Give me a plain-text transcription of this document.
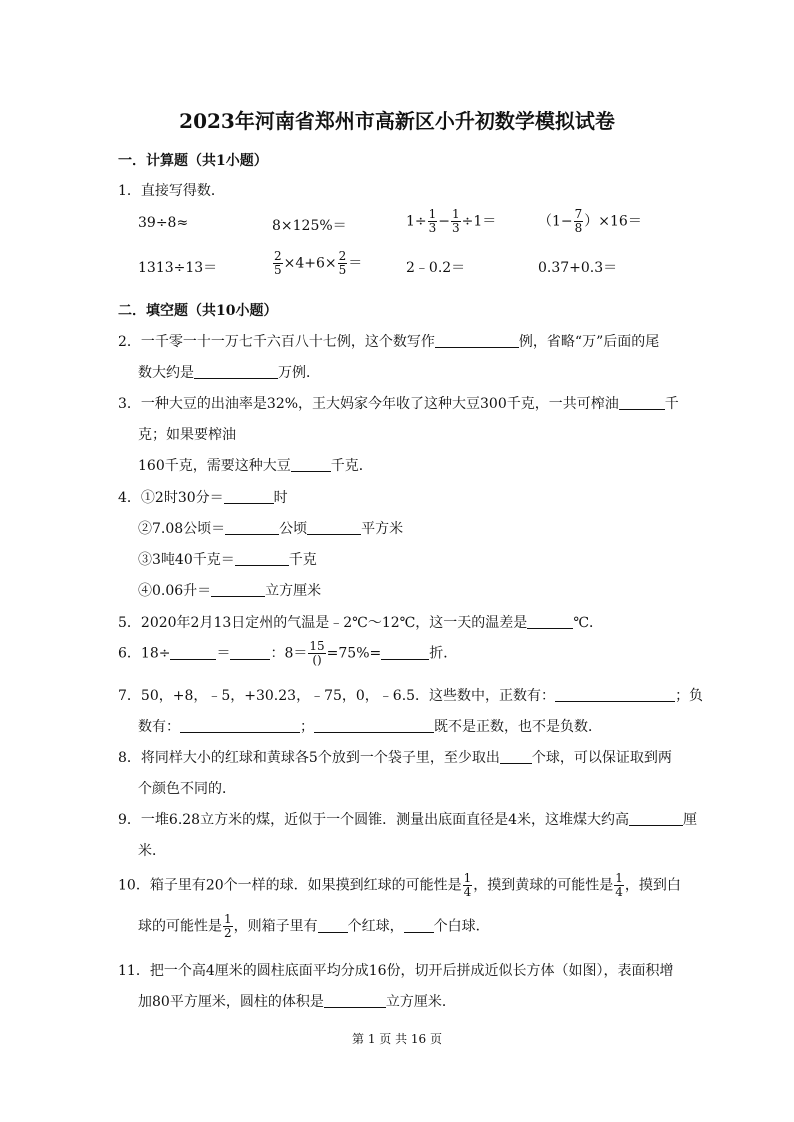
2023年河南省郑州市高新区小升初数学模拟试卷
一．计算题（共1小题）
1．直接写得数．
39÷8≈	8×125%＝	$1\div \frac{1}{3} - \frac{1}{3} \div 1=$	$(1- \frac{7}{8} )\times 16=$
1313÷13＝	$\frac{2}{5} \times 4+6\times \frac{2}{5}$ ＝	2﹣0.2＝	0.37+0.3＝
二．填空题（共10小题）
2．一千零一十一万七千六百八十七例，这个数写作	例，省略“万”后面的尾
数大约是	万例．
3．一种大豆的出油率是32%，王大妈家今年收了这种大豆300千克，一共可榨油	千
克；如果要榨油
160千克，需要这种大豆	千克．
4．①2时30分＝	时
②7.08公顷＝	公顷	平方米
③3吨40千克＝	千克
④0.06升＝	立方厘米
5．2020年2月13日定州的气温是﹣2℃～12℃，这一天的温差是	℃．
6．18÷	＝	：$8= \frac{15}{()} =75\%=$	折．
7．50，+8，﹣5，+30.23，﹣75，0，﹣6.5．这些数中，正数有：	；负
数有：	；	既不是正数，也不是负数．
8．将同样大小的红球和黄球各5个放到一个袋子里，至少取出 个球，可以保证取到两
个颜色不同的．
9．一堆6.28立方米的煤，近似于一个圆锥．测量出底面直径是4米，这堆煤大约高	厘
米．
10．箱子里有20个一样的球．如果摸到红球的可能性是 $\frac{1}{4}$ ，摸到黄球的可能性是 $\frac{1}{4}$ ，摸到白
球的可能性是 $\frac{1}{2}$ ，则箱子里有 个红球， 个白球．
11．把一个高4厘米的圆柱底面平均分成16份，切开后拼成近似长方体（如图），表面积增
加80平方厘米，圆柱的体积是	立方厘米．
第 1 页 共 16 页
